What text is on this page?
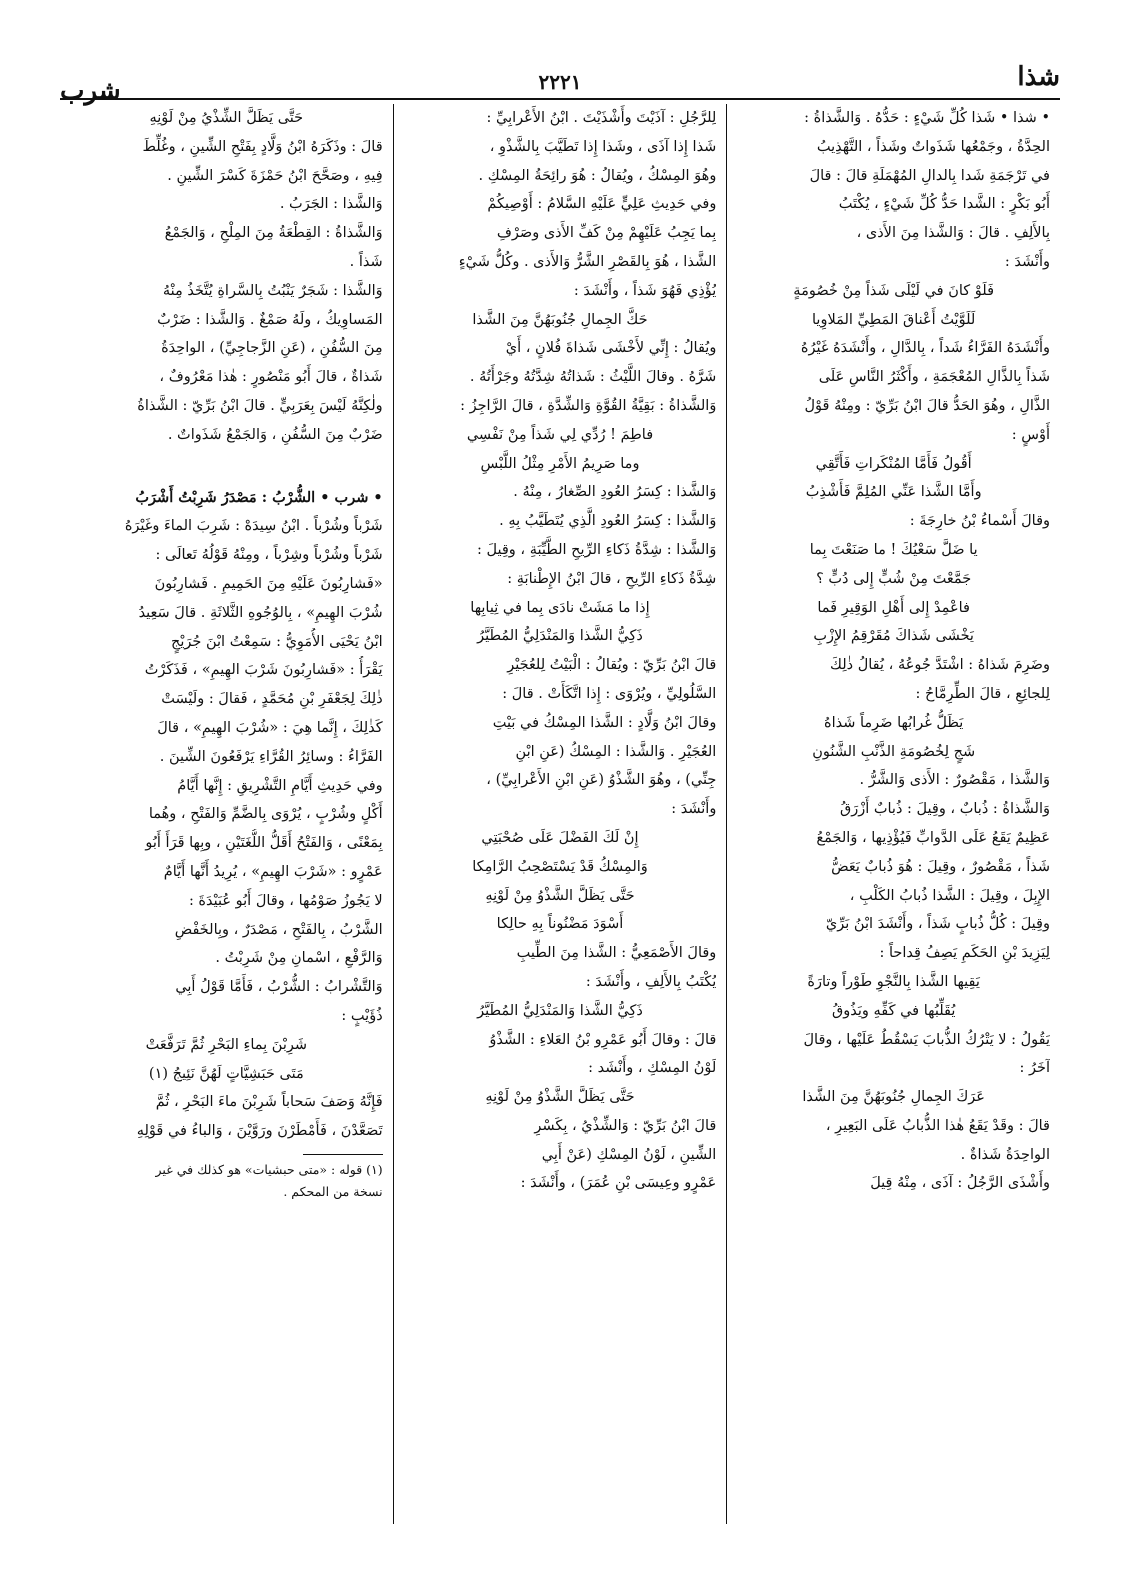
شذا
٢٢٢١
شرب
• شذا • شَذا كُلِّ شَيْءٍ : حَدُّهُ . وَالشَّذاةُ :
الحِدَّةُ ، وجَمْعُها شَذَواتٌ وشَذاً ، التَّهْذِيبُ
في تَرْجَمَةِ شَدا بِالدالِ المُهْمَلَةِ قالَ : قالَ
أَبُو بَكْرٍ : الشَّدا حَدُّ كُلِّ شَيْءٍ ، يُكْتَبُ
بِالأَلِفِ . قالَ : وَالشَّذا مِنَ الأَذى ،
وأَنْشَدَ :
فَلَوْ كانَ في لَيْلَى شَذاً مِنْ خُصُومَةٍ
لَلَوَّيْتُ أَعْناقَ المَطِيِّ المَلاوِيا
وأَنْشَدَهُ الفَرَّاءُ شَداً ، بِالدَّالِ ، وأَنْشَدَهُ غَيْرُهُ
شَذاً بِالذَّالِ المُعْجَمَةِ ، وأَكْثَرُ النَّاسِ عَلَى
الذَّالِ ، وهُوَ الحَدُّ قالَ ابْنُ بَرِّيّ : ومِنْهُ قَوْلُ
أَوْسٍ :
أَقُولُ فَأَمَّا المُنْكَراتِ فَأَتَّقِي
وأَمَّا الشَّذا عَنِّي المُلِمَّ فَأَشْذِبُ
وقالَ أَسْماءُ بْنُ خارِجَةَ :
يا ضَلَّ سَعْيُكَ ! ما صَنَعْتَ بِما
جَمَّعْتَ مِنْ شُبٍّ إِلى دُبٍّ ؟
فاعْمِدْ إِلى أَهْلِ الوَقِيرِ فَما
يَخْشَى شَذاكَ مُقَرْقِمُ الإِزْبِ
وضَرِمَ شَذاهُ : اشْتَدَّ جُوعُهُ ، يُقالُ ذٰلِكَ
لِلجائِعِ ، قالَ الطِّرِمَّاحُ :
يَظَلُّ غُرابُها ضَرِماً شَذاهُ
شَجٍ لِخُصُومَةِ الذَّنْبِ الشَّنُونِ
وَالشَّذا ، مَقْصُورٌ : الأَذى وَالشَّرُّ .
وَالشَّذاةُ : ذُبابٌ ، وقِيلَ : ذُبابٌ أَزْرَقُ
عَظِيمٌ يَقَعُ عَلَى الدَّوابِّ فَيُؤْذِيها ، وَالجَمْعُ
شَذاً ، مَقْصُورٌ ، وقِيلَ : هُوَ ذُبابٌ يَعَضُّ
الإِبِلَ ، وقِيلَ : الشَّذا ذُبابُ الكَلْبِ ،
وقِيلَ : كُلُّ ذُبابٍ شَذاً ، وأَنْشَدَ ابْنُ بَرِّيّ
لِيَزِيدَ بْنِ الحَكَمِ يَصِفُ قِداحاً :
يَقِيها الشَّذا بِالنَّجْوِ طَوْراً وتارَةً
يُقَلِّبُها في كَفِّهِ ويَذُوقُ
يَقُولُ : لا يَتْرُكُ الذُّبابَ يَسْقُطُ عَلَيْها ، وقالَ
آخَرُ :
عَرَكَ الجِمالِ جُنُوبَهُنَّ مِنَ الشَّذا
قالَ : وقَدْ يَقَعُ هٰذا الذُّبابُ عَلَى البَعِيرِ ،
الواحِدَةُ شَذاةٌ .
وأَشْذَى الرَّجُلُ : آذَى ، مِنْهُ قِيلَ
لِلرَّجُلِ : آذَيْتَ وأَشْذَيْتَ . ابْنُ الأَعْرابِيِّ :
شَذا إِذا آذَى ، وشَذا إِذا تَطَيَّبَ بِالشَّذْوِ ،
وهُوَ المِسْكُ ، ويُقالُ : هُوَ رائِحَةُ المِسْكِ .
وفي حَدِيثِ عَلِيٍّ عَلَيْهِ السَّلامُ : أَوْصِيكُمْ
بِما يَجِبُ عَلَيْهِمْ مِنْ كَفِّ الأَذى وصَرْفِ
الشَّذا ، هُوَ بِالقَصْرِ الشَّرُّ وَالأَذى . وكُلُّ شَيْءٍ
يُؤْذِي فَهُوَ شَذاً ، وأَنْشَدَ :
حَكَّ الجِمالِ جُنُوبَهُنَّ مِنَ الشَّذا
ويُقالُ : إِنِّي لأَخْشَى شَذاةَ فُلانٍ ، أَيْ
شَرَّهُ . وقالَ اللَّيْثُ : شَذاتُهُ شِدَّتُهُ وجَرْأَتُهُ .
وَالشَّذاةُ : بَقِيَّةُ القُوَّةِ وَالشِّدَّةِ ، قالَ الرَّاجِزُ :
فاطِمَ ! رُدِّي لِي شَذاً مِنْ نَفْسِي
وما صَرِيمُ الأَمْرِ مِثْلُ اللَّبْسِ
وَالشَّذا : كِسَرُ العُودِ الصِّغارُ ، مِنْهُ .
وَالشَّذا : كِسَرُ العُودِ الَّذِي يُتَطَيَّبُ بِهِ .
وَالشَّذا : شِدَّةُ ذَكاءِ الرِّيحِ الطَّيِّبَةِ ، وقِيلَ :
شِدَّةُ ذَكاءِ الرِّيحِ ، قالَ ابْنُ الإِطْنابَةِ :
إِذا ما مَشَتْ نادَى بِما في ثِيابِها
ذَكِيُّ الشَّذا وَالمَنْدَلِيُّ المُطَيَّرُ
قالَ ابْنُ بَرِّيّ : ويُقالُ : الْبَيْتُ لِلعُجَيْرِ
السَّلُولِيِّ ، ويُرْوَى : إِذا اتَّكَأَتْ . قالَ :
وقالَ ابْنُ وَلَّادٍ : الشَّذا المِسْكُ في بَيْتِ
العُجَيْرِ . وَالشَّذا : المِسْكُ (عَنِ ابْنِ
جِنِّي) ، وهُوَ الشَّذْوُ (عَنِ ابْنِ الأَعْرابِيِّ) ،
وأَنْشَدَ :
إِنْ لَكَ الفَضْلَ عَلَى صُحْبَتِي
وَالمِسْكُ قَدْ يَسْتَصْحِبُ الرَّامِكا
حَتَّى يَظَلَّ الشَّذْوُ مِنْ لَوْنِهِ
أَسْوَدَ مَضْنُوناً بِهِ حالِكا
وقالَ الأَصْمَعِيُّ : الشَّذا مِنَ الطِّيبِ
يُكْتَبُ بِالأَلِفِ ، وأَنْشَدَ :
ذَكِيُّ الشَّذا وَالمَنْدَلِيُّ المُطَيَّرُ
قالَ : وقالَ أَبُو عَمْرِو بْنُ العَلاءِ : الشَّذْوُ
لَوْنُ المِسْكِ ، وأَنْشَد :
حَتَّى يَظَلَّ الشَّذْوُ مِنْ لَوْنِهِ
قالَ ابْنُ بَرِّيّ : وَالشِّذْيُ ، بِكَسْرِ
الشِّينِ ، لَوْنُ المِسْكِ (عَنْ أَبِي
عَمْرٍو وعِيسَى بْنِ عُمَرَ) ، وأَنْشَدَ :
حَتَّى يَظَلَّ الشِّذْيُ مِنْ لَوْنِهِ
قالَ : وذَكَرَهُ ابْنُ وَلَّادٍ بِفَتْحِ الشِّينِ ، وغُلِّطَ
فِيهِ ، وصَحَّحَ ابْنُ حَمْزَةَ كَسْرَ الشِّينِ .
وَالشَّذا : الجَرَبُ .
وَالشَّذاةُ : القِطْعَةُ مِنَ المِلْحِ ، وَالجَمْعُ
شَذاً .
وَالشَّذا : شَجَرٌ يَنْبُتُ بِالسَّراةِ يُتَّخَذُ مِنْهُ
المَساوِيكُ ، ولَهُ صَمْغٌ . وَالشَّذا : ضَرْبٌ
مِنَ السُّفُنِ ، (عَنِ الزَّجاجِيِّ) ، الواحِدَةُ
شَذاةٌ ، قالَ أَبُو مَنْصُورٍ : هٰذا مَعْرُوفٌ ،
ولٰكِنَّهُ لَيْسَ بِعَرَبِيٍّ . قالَ ابْنُ بَرِّيّ : الشَّذاةُ
ضَرْبٌ مِنَ السُّفُنِ ، وَالجَمْعُ شَذَواتٌ .
• شرب • الشُّرْبُ : مَصْدَرُ شَرِبْتُ أَشْرَبُ
شَرْباً وشُرْباً . ابْنُ سِيدَهْ : شَرِبَ الماءَ وغَيْرَهُ
شَرْباً وشُرْباً وشِرْباً ، ومِنْهُ قَوْلُهُ تَعالَى :
«فَشارِبُونَ عَلَيْهِ مِنَ الحَمِيمِ . فَشارِبُونَ
شُرْبَ الهِيمِ» ، بِالوُجُوهِ الثَّلاثَةِ . قالَ سَعِيدُ
ابْنُ يَحْيَى الأُمَوِيُّ : سَمِعْتُ ابْنَ جُرَيْجٍ
يَقْرَأُ : «فَشارِبُونَ شَرْبَ الهِيمِ» ، فَذَكَرْتُ
ذٰلِكَ لِجَعْفَرِ بْنِ مُحَمَّدٍ ، فَقالَ : ولَيْسَتْ
كَذٰلِكَ ، إِنَّما هِيَ : «شُرْبَ الهِيمِ» ، قالَ
الفَرَّاءُ : وسائِرُ القُرَّاءِ يَرْفَعُونَ الشِّينَ .
وفي حَدِيثِ أَيَّامِ التَّشْرِيقِ : إِنَّها أَيَّامُ
أَكْلٍ وشُرْبٍ ، يُرْوَى بِالضَّمِّ وَالفَتْحِ ، وهُما
بِمَعْنًى ، وَالفَتْحُ أَقَلُّ اللُّغَتَيْنِ ، وبِها قَرَأَ أَبُو
عَمْرٍو : «شَرْبَ الهِيمِ» ، يُرِيدُ أَنَّها أَيَّامٌ
لا يَجُوزُ صَوْمُها ، وقالَ أَبُو عُبَيْدَةَ :
الشَّرْبُ ، بِالفَتْحِ ، مَصْدَرٌ ، وبِالخَفْضِ
وَالرَّفْعِ ، اسْمانِ مِنْ شَرِبْتُ .
وَالتَّشْرابُ : الشُّرْبُ ، فَأَمَّا قَوْلُ أَبِي
ذُؤَيْبٍ :
شَرِبْنَ بِماءِ البَحْرِ ثُمَّ تَرَفَّعَتْ
مَتَى حَبَشِيَّاتٍ لَهُنَّ نَئِيجُ (١)
فَإِنَّهُ وَصَفَ سَحاباً شَرِبْنَ ماءَ البَحْرِ ، ثُمَّ
تَصَعَّدْنَ ، فَأَمْطَرْنَ ورَوَّيْنَ ، وَالباءُ في قَوْلِهِ
(١) قوله : «متى حبشيات» هو كذلك في غير
نسخة من المحكم .
